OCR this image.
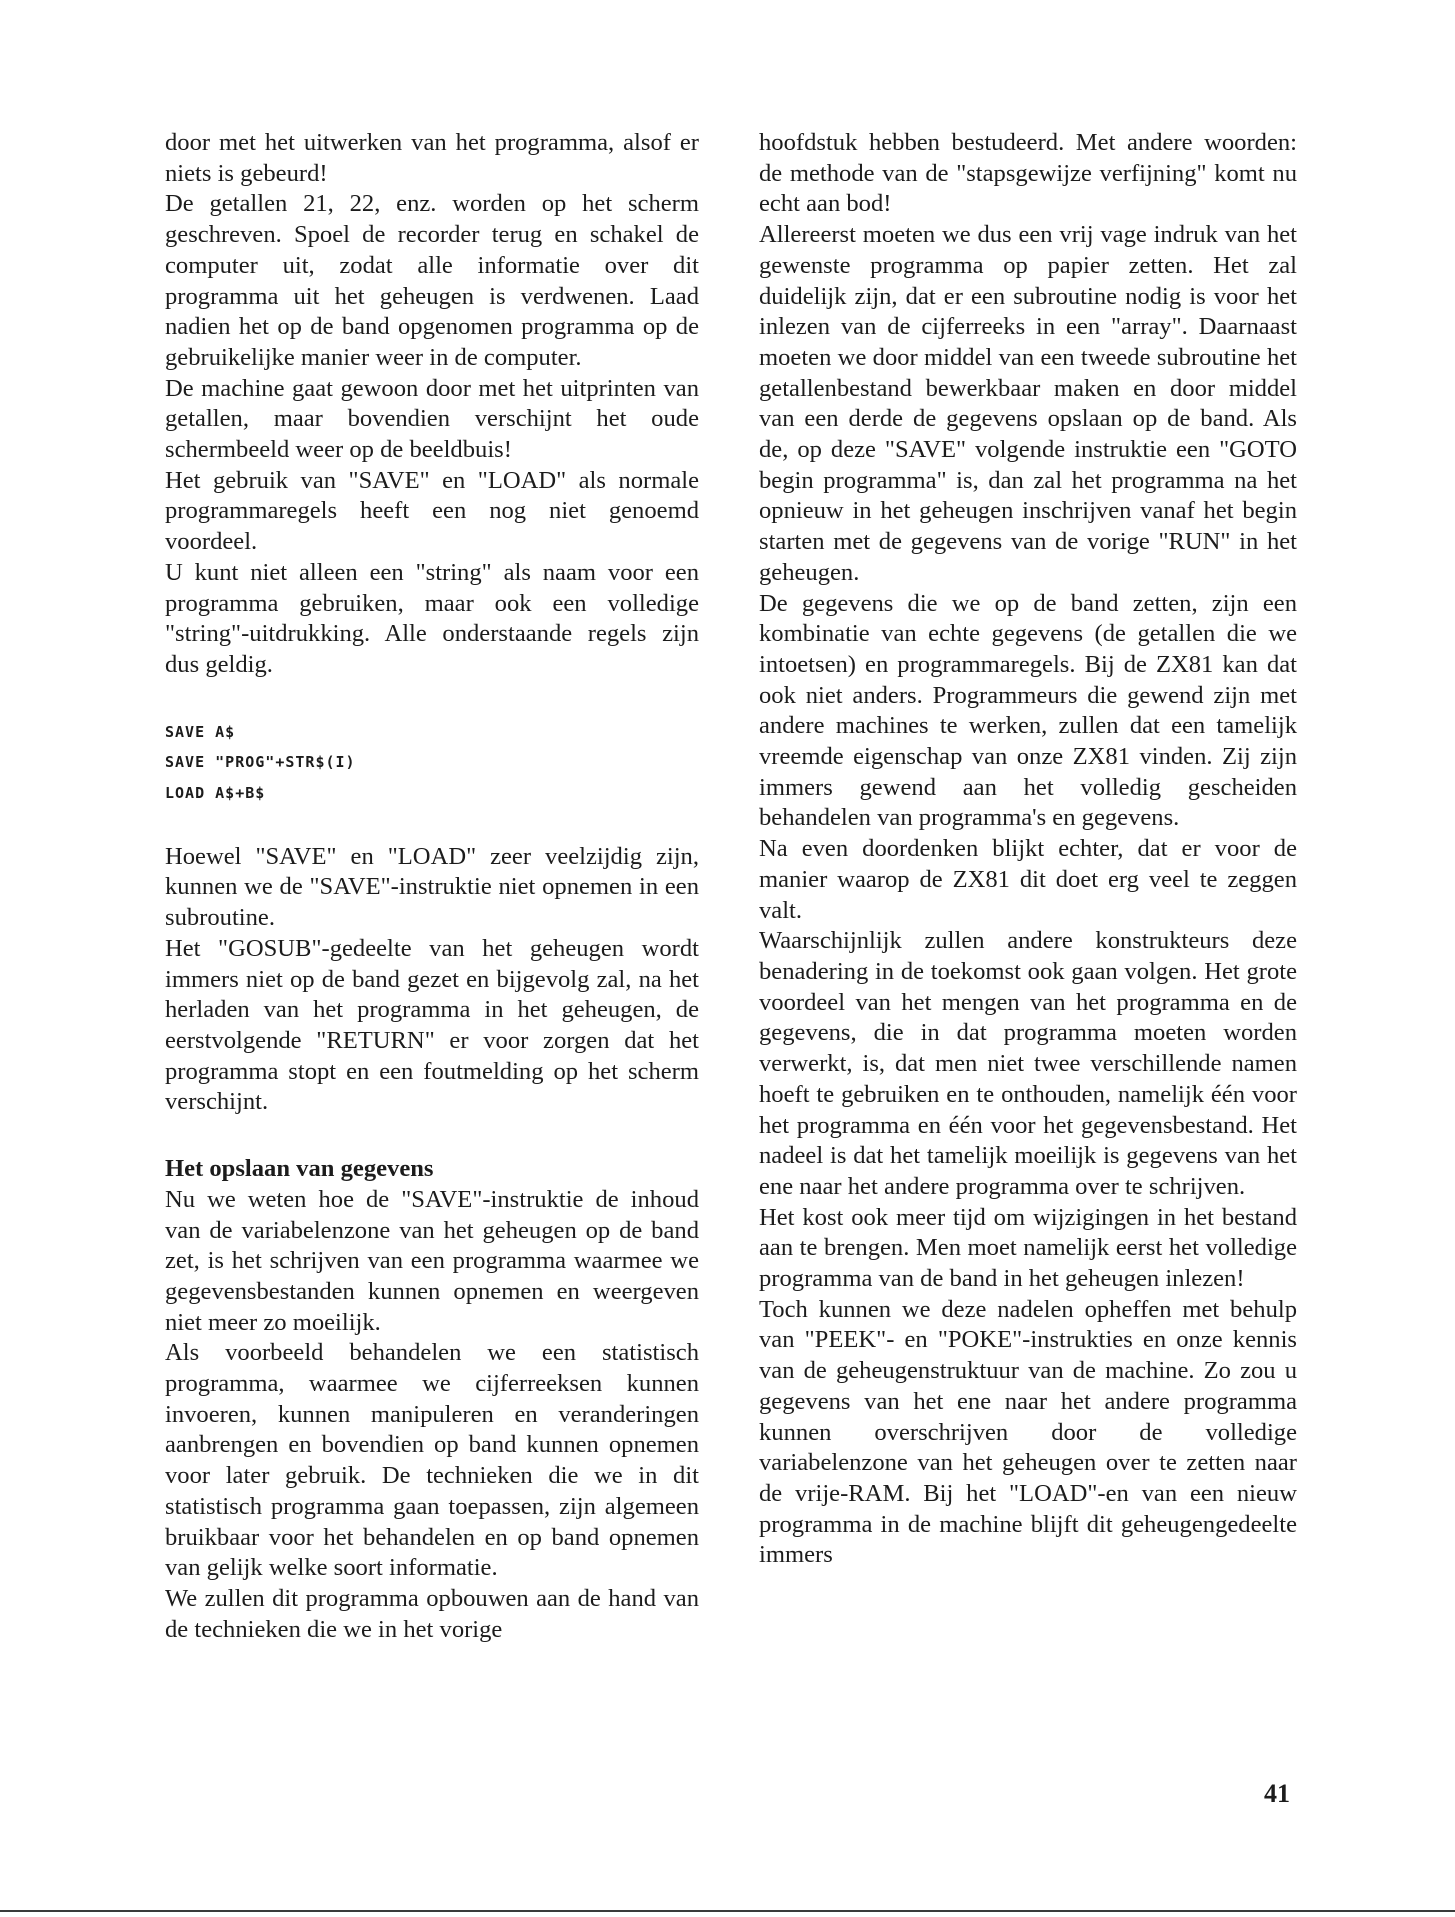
door met het uitwerken van het programma, alsof er niets is gebeurd!

De getallen 21, 22, enz. worden op het scherm geschreven. Spoel de recorder terug en schakel de computer uit, zodat alle informatie over dit programma uit het geheugen is verdwenen. Laad nadien het op de band opgenomen programma op de gebruikelijke manier weer in de computer.

De machine gaat gewoon door met het uitprinten van getallen, maar bovendien verschijnt het oude schermbeeld weer op de beeldbuis!

Het gebruik van "SAVE" en "LOAD" als normale programmaregels heeft een nog niet genoemd voordeel.

U kunt niet alleen een "string" als naam voor een programma gebruiken, maar ook een volledige "string"-uitdrukking. Alle onderstaande regels zijn dus geldig.

SAVE A$
SAVE "PROG"+STR$(I)
LOAD A$+B$

Hoewel "SAVE" en "LOAD" zeer veelzijdig zijn, kunnen we de "SAVE"-instruktie niet opnemen in een subroutine.

Het "GOSUB"-gedeelte van het geheugen wordt immers niet op de band gezet en bijgevolg zal, na het herladen van het programma in het geheugen, de eerstvolgende "RETURN" er voor zorgen dat het programma stopt en een foutmelding op het scherm verschijnt.

Het opslaan van gegevens

Nu we weten hoe de "SAVE"-instruktie de inhoud van de variabelenzone van het geheugen op de band zet, is het schrijven van een programma waarmee we gegevensbestanden kunnen opnemen en weergeven niet meer zo moeilijk.

Als voorbeeld behandelen we een statistisch programma, waarmee we cijferreeksen kunnen invoeren, kunnen manipuleren en veranderingen aanbrengen en bovendien op band kunnen opnemen voor later gebruik. De technieken die we in dit statistisch programma gaan toepassen, zijn algemeen bruikbaar voor het behandelen en op band opnemen van gelijk welke soort informatie.

We zullen dit programma opbouwen aan de hand van de technieken die we in het vorige

hoofdstuk hebben bestudeerd. Met andere woorden: de methode van de "stapsgewijze verfijning" komt nu echt aan bod!

Allereerst moeten we dus een vrij vage indruk van het gewenste programma op papier zetten. Het zal duidelijk zijn, dat er een subroutine nodig is voor het inlezen van de cijferreeks in een "array". Daarnaast moeten we door middel van een tweede subroutine het getallenbestand bewerkbaar maken en door middel van een derde de gegevens opslaan op de band. Als de, op deze "SAVE" volgende instruktie een "GOTO begin programma" is, dan zal het programma na het opnieuw in het geheugen inschrijven vanaf het begin starten met de gegevens van de vorige "RUN" in het geheugen.

De gegevens die we op de band zetten, zijn een kombinatie van echte gegevens (de getallen die we intoetsen) en programmaregels. Bij de ZX81 kan dat ook niet anders. Programmeurs die gewend zijn met andere machines te werken, zullen dat een tamelijk vreemde eigenschap van onze ZX81 vinden. Zij zijn immers gewend aan het volledig gescheiden behandelen van programma's en gegevens.

Na even doordenken blijkt echter, dat er voor de manier waarop de ZX81 dit doet erg veel te zeggen valt.

Waarschijnlijk zullen andere konstrukteurs deze benadering in de toekomst ook gaan volgen. Het grote voordeel van het mengen van het programma en de gegevens, die in dat programma moeten worden verwerkt, is, dat men niet twee verschillende namen hoeft te gebruiken en te onthouden, namelijk één voor het programma en één voor het gegevensbestand. Het nadeel is dat het tamelijk moeilijk is gegevens van het ene naar het andere programma over te schrijven.

Het kost ook meer tijd om wijzigingen in het bestand aan te brengen. Men moet namelijk eerst het volledige programma van de band in het geheugen inlezen!

Toch kunnen we deze nadelen opheffen met behulp van "PEEK"- en "POKE"-instrukties en onze kennis van de geheugenstruktuur van de machine. Zo zou u gegevens van het ene naar het andere programma kunnen overschrijven door de volledige variabelenzone van het geheugen over te zetten naar de vrije-RAM. Bij het "LOAD"-en van een nieuw programma in de machine blijft dit geheugengedeelte immers

41
